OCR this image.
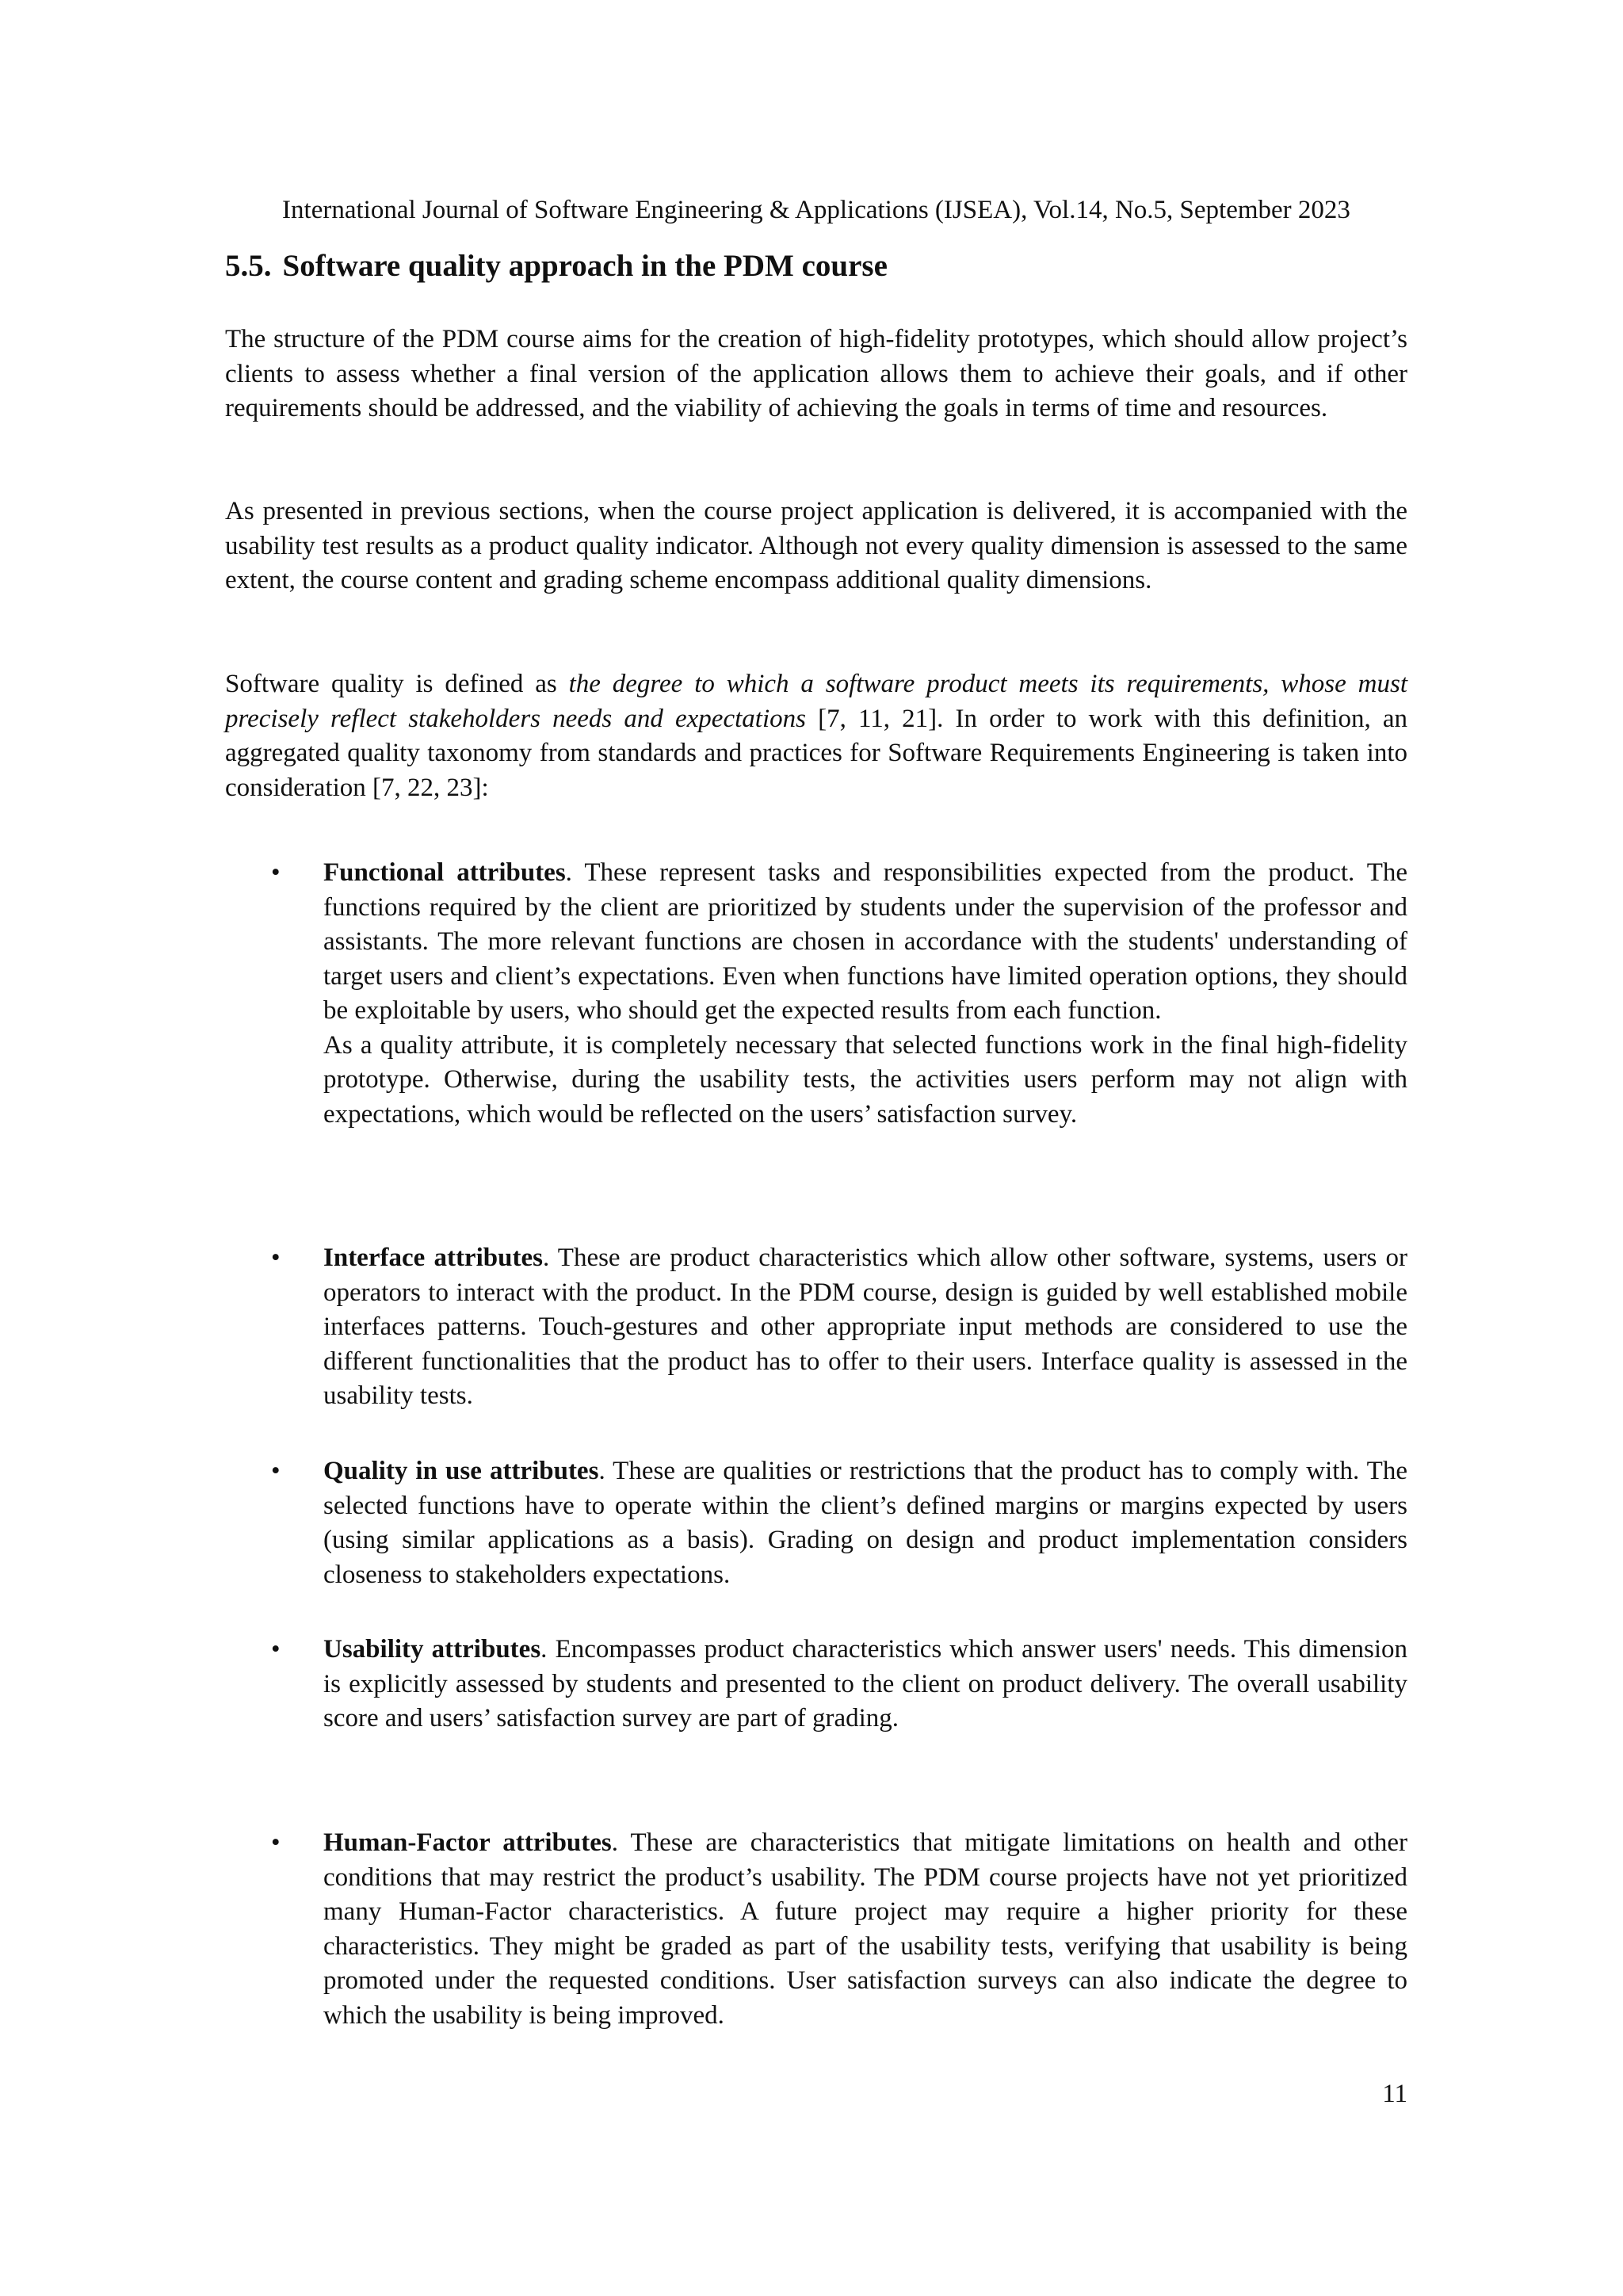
International Journal of Software Engineering & Applications (IJSEA), Vol.14, No.5, September 2023
5.5. Software quality approach in the PDM course

The structure of the PDM course aims for the creation of high-fidelity prototypes, which should allow project’s clients to assess whether a final version of the application allows them to achieve their goals, and if other requirements should be addressed, and the viability of achieving the goals in terms of time and resources.

As presented in previous sections, when the course project application is delivered, it is accompanied with the usability test results as a product quality indicator. Although not every quality dimension is assessed to the same extent, the course content and grading scheme encompass additional quality dimensions.

Software quality is defined as the degree to which a software product meets its requirements, whose must precisely reflect stakeholders needs and expectations [7, 11, 21]. In order to work with this definition, an aggregated quality taxonomy from standards and practices for Software Requirements Engineering is taken into consideration [7, 22, 23]:

•	Functional attributes. These represent tasks and responsibilities expected from the product. The functions required by the client are prioritized by students under the supervision of the professor and assistants. The more relevant functions are chosen in accordance with the students' understanding of target users and client’s expectations. Even when functions have limited operation options, they should be exploitable by users, who should get the expected results from each function.

As a quality attribute, it is completely necessary that selected functions work in the final high-fidelity prototype. Otherwise, during the usability tests, the activities users perform may not align with expectations, which would be reflected on the users’ satisfaction survey.

•	Interface attributes. These are product characteristics which allow other software, systems, users or operators to interact with the product. In the PDM course, design is guided by well established mobile interfaces patterns. Touch-gestures and other appropriate input methods are considered to use the different functionalities that the product has to offer to their users. Interface quality is assessed in the usability tests.

•	Quality in use attributes. These are qualities or restrictions that the product has to comply with. The selected functions have to operate within the client’s defined margins or margins expected by users (using similar applications as a basis). Grading on design and product implementation considers closeness to stakeholders expectations.

•	Usability attributes. Encompasses product characteristics which answer users' needs. This dimension is explicitly assessed by students and presented to the client on product delivery. The overall usability score and users’ satisfaction survey are part of grading.

•	Human-Factor attributes. These are characteristics that mitigate limitations on health and other conditions that may restrict the product’s usability. The PDM course projects have not yet prioritized many Human-Factor characteristics. A future project may require a higher priority for these characteristics. They might be graded as part of the usability tests, verifying that usability is being promoted under the requested conditions. User satisfaction surveys can also indicate the degree to which the usability is being improved.

11
